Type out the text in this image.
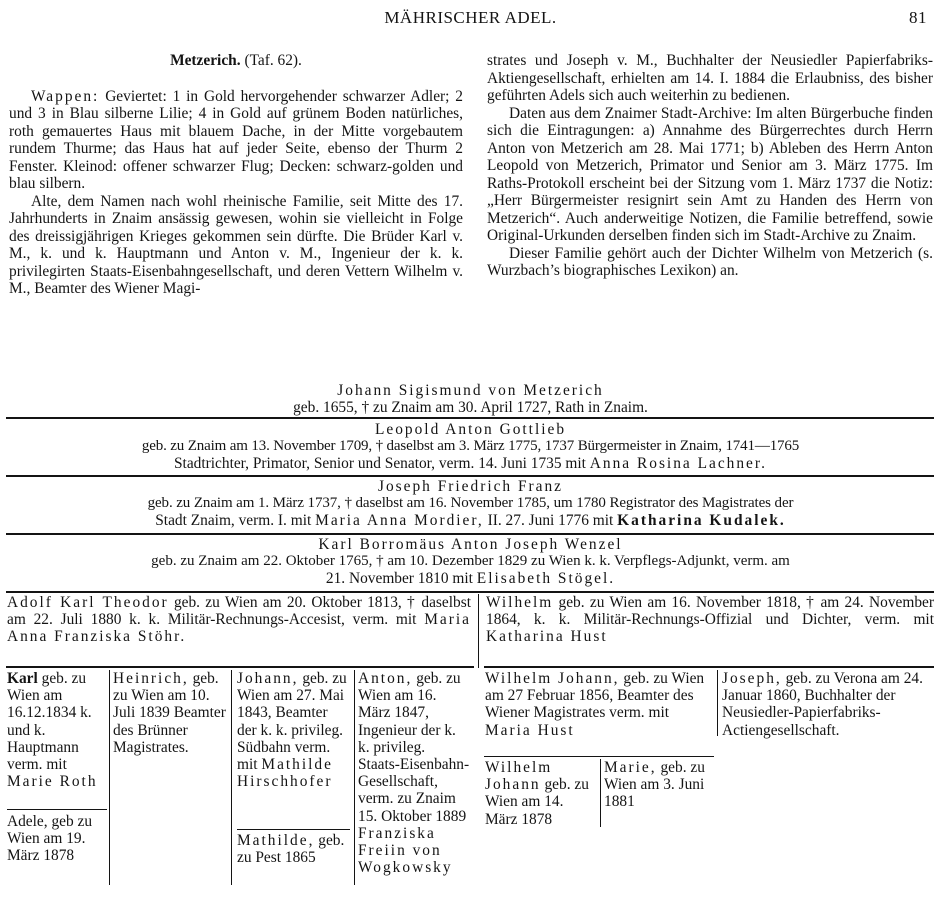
MÄHRISCHER ADEL.	81

Metzerich. (Taf. 62).

Wappen: Geviertet: 1 in Gold hervorgehender schwarzer Adler; 2 und 3 in Blau silberne Lilie; 4 in Gold auf grünem Boden natürliches, roth gemauertes Haus mit blauem Dache, in der Mitte vorgebautem rundem Thurme; das Haus hat auf jeder Seite, ebenso der Thurm 2 Fenster. Kleinod: offener schwarzer Flug; Decken: schwarz-golden und blau silbern.

Alte, dem Namen nach wohl rheinische Familie, seit Mitte des 17. Jahrhunderts in Znaim ansässig gewesen, wohin sie vielleicht in Folge des dreissigjährigen Krieges gekommen sein dürfte. Die Brüder Karl v. M., k. und k. Hauptmann und Anton v. M., Ingenieur der k. k. privilegirten Staats-Eisenbahngesellschaft, und deren Vettern Wilhelm v. M., Beamter des Wiener Magi-

strates und Joseph v. M., Buchhalter der Neusiedler Papierfabriks-Aktiengesellschaft, erhielten am 14. I. 1884 die Erlaubniss, des bisher geführten Adels sich auch weiterhin zu bedienen.

Daten aus dem Znaimer Stadt-Archive: Im alten Bürgerbuche finden sich die Eintragungen: a) Annahme des Bürgerrechtes durch Herrn Anton von Metzerich am 28. Mai 1771; b) Ableben des Herrn Anton Leopold von Metzerich, Primator und Senior am 3. März 1775. Im Raths-Protokoll erscheint bei der Sitzung vom 1. März 1737 die Notiz: „Herr Bürgermeister resignirt sein Amt zu Handen des Herrn von Metzerich“. Auch anderweitige Notizen, die Familie betreffend, sowie Original-Urkunden derselben finden sich im Stadt-Archive zu Znaim.

Dieser Familie gehört auch der Dichter Wilhelm von Metzerich (s. Wurzbach’s biographisches Lexikon) an.

Johann Sigismund von Metzerich
geb. 1655, † zu Znaim am 30. April 1727, Rath in Znaim.
Leopold Anton Gottlieb
geb. zu Znaim am 13. November 1709, † daselbst am 3. März 1775, 1737 Bürgermeister in Znaim, 1741—1765
Stadtrichter, Primator, Senior und Senator, verm. 14. Juni 1735 mit Anna Rosina Lachner.
Joseph Friedrich Franz
geb. zu Znaim am 1. März 1737, † daselbst am 16. November 1785, um 1780 Registrator des Magistrates der
Stadt Znaim, verm. I. mit Maria Anna Mordier, II. 27. Juni 1776 mit Katharina Kudalek.
Karl Borromäus Anton Joseph Wenzel
geb. zu Znaim am 22. Oktober 1765, † am 10. Dezember 1829 zu Wien k. k. Verpflegs-Adjunkt, verm. am
21. November 1810 mit Elisabeth Stögel.
Adolf Karl Theodor geb. zu Wien am 20. Oktober 1813, † daselbst am 22. Juli 1880 k. k. Militär-Rechnungs-Accesist, verm. mit Maria Anna Franziska Stöhr.
Wilhelm geb. zu Wien am 16. November 1818, † am 24. November 1864, k. k. Militär-Rechnungs-Offizial und Dichter, verm. mit Katharina Hust
Karl geb. zu Wien am 16.12.1834 k. und k. Hauptmann verm. mit Marie Roth
Adele, geb zu Wien am 19. März 1878
Heinrich, geb. zu Wien am 10. Juli 1839 Beamter des Brünner Magistrates.
Johann, geb. zu Wien am 27. Mai 1843, Beamter der k. k. privileg. Südbahn verm. mit Mathilde Hirschhofer
Mathilde, geb. zu Pest 1865
Anton, geb. zu Wien am 16. März 1847, Ingenieur der k. k. privileg. Staats-Eisenbahn-Gesellschaft, verm. zu Znaim 15. Oktober 1889 Franziska Freiin von Wogkowsky
Wilhelm Johann, geb. zu Wien am 27 Februar 1856, Beamter des Wiener Magistrates verm. mit Maria Hust
Joseph, geb. zu Verona am 24. Januar 1860, Buchhalter der Neusiedler-Papierfabriks-Actiengesellschaft.
Wilhelm Johann geb. zu Wien am 14. März 1878
Marie, geb. zu Wien am 3. Juni 1881
